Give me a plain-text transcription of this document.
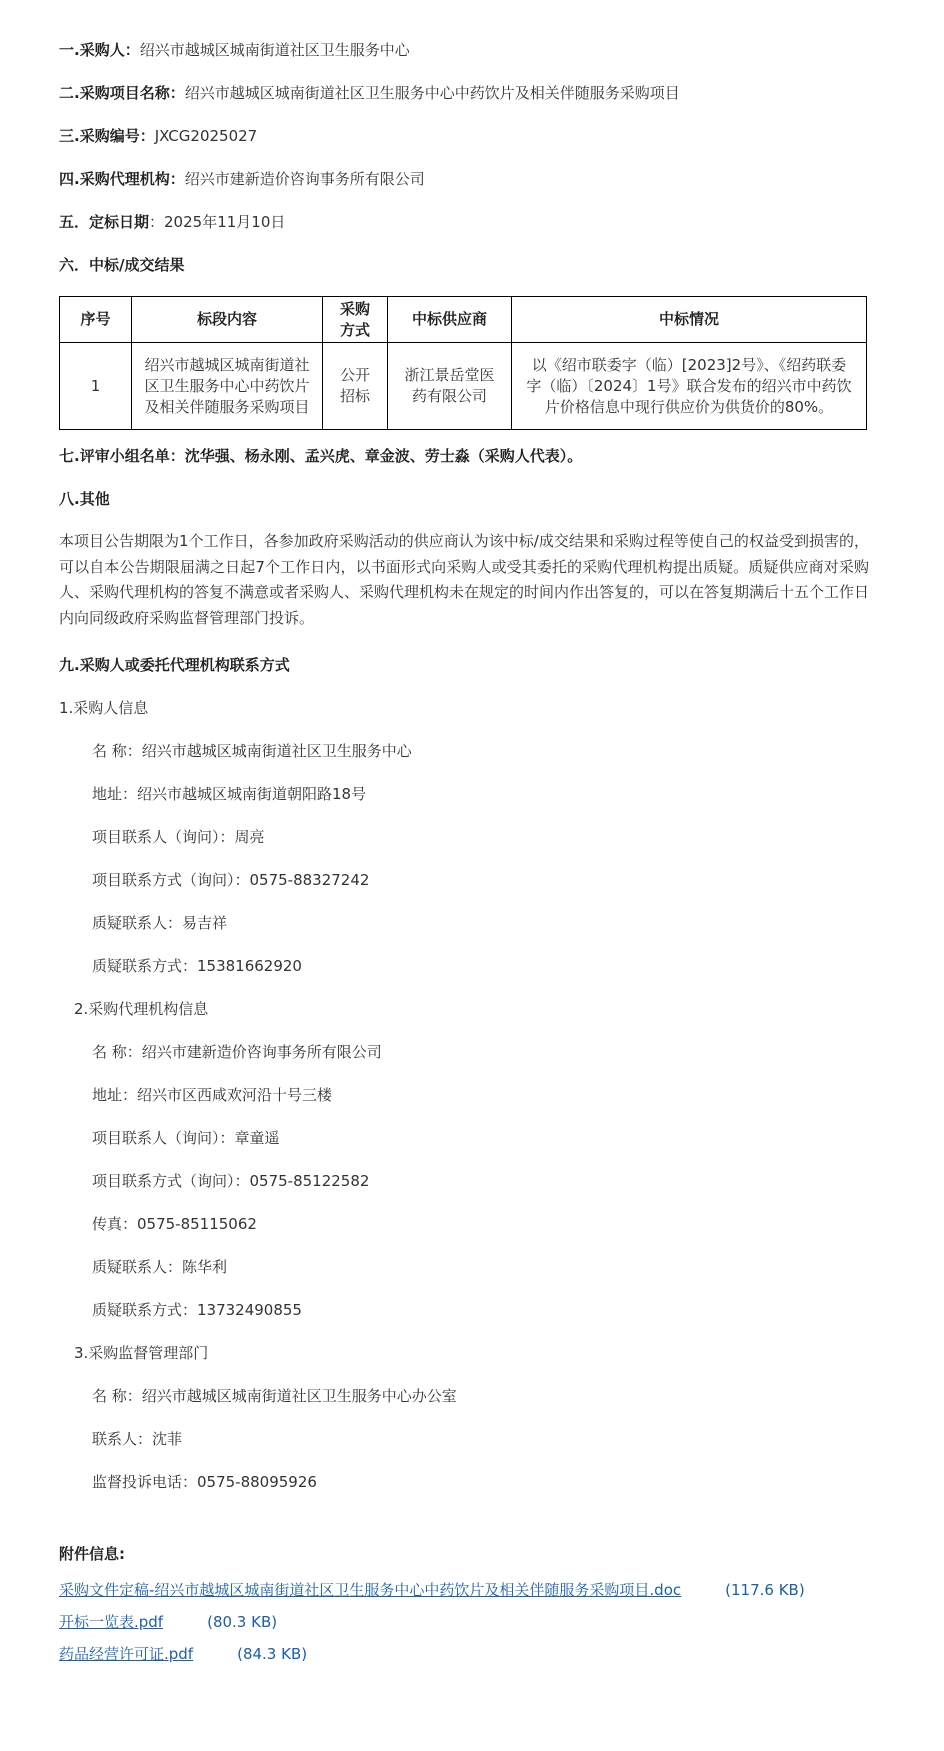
一.采购人：绍兴市越城区城南街道社区卫生服务中心
二.采购项目名称：绍兴市越城区城南街道社区卫生服务中心中药饮片及相关伴随服务采购项目
三.采购编号：JXCG2025027
四.采购代理机构：绍兴市建新造价咨询事务所有限公司
五．定标日期：2025年11月10日
六．中标/成交结果
序号	标段内容	采购方式	中标供应商	中标情况
1	绍兴市越城区城南街道社区卫生服务中心中药饮片及相关伴随服务采购项目	公开招标	浙江景岳堂医药有限公司	以《绍市联委字（临）[2023]2号》、《绍药联委字（临）〔2024〕1号》联合发布的绍兴市中药饮片价格信息中现行供应价为供货价的80%。
七.评审小组名单：沈华强、杨永刚、孟兴虎、章金波、劳士淼（采购人代表）。
八.其他
本项目公告期限为1个工作日，各参加政府采购活动的供应商认为该中标/成交结果和采购过程等使自己的权益受到损害的，可以自本公告期限届满之日起7个工作日内，以书面形式向采购人或受其委托的采购代理机构提出质疑。质疑供应商对采购人、采购代理机构的答复不满意或者采购人、采购代理机构未在规定的时间内作出答复的，可以在答复期满后十五个工作日内向同级政府采购监督管理部门投诉。
九.采购人或委托代理机构联系方式
1.采购人信息
名 称：绍兴市越城区城南街道社区卫生服务中心
地址：绍兴市越城区城南街道朝阳路18号
项目联系人（询问）：周亮
项目联系方式（询问）：0575-88327242
质疑联系人：易吉祥
质疑联系方式：15381662920
2.采购代理机构信息
名 称：绍兴市建新造价咨询事务所有限公司
地址：绍兴市区西咸欢河沿十号三楼
项目联系人（询问）：章童遥
项目联系方式（询问）：0575-85122582
传真：0575-85115062
质疑联系人：陈华利
质疑联系方式：13732490855
3.采购监督管理部门
名 称：绍兴市越城区城南街道社区卫生服务中心办公室
联系人：沈菲
监督投诉电话：0575-88095926
附件信息:
采购文件定稿-绍兴市越城区城南街道社区卫生服务中心中药饮片及相关伴随服务采购项目.doc	(117.6 KB)
开标一览表.pdf	(80.3 KB)
药品经营许可证.pdf	(84.3 KB)
